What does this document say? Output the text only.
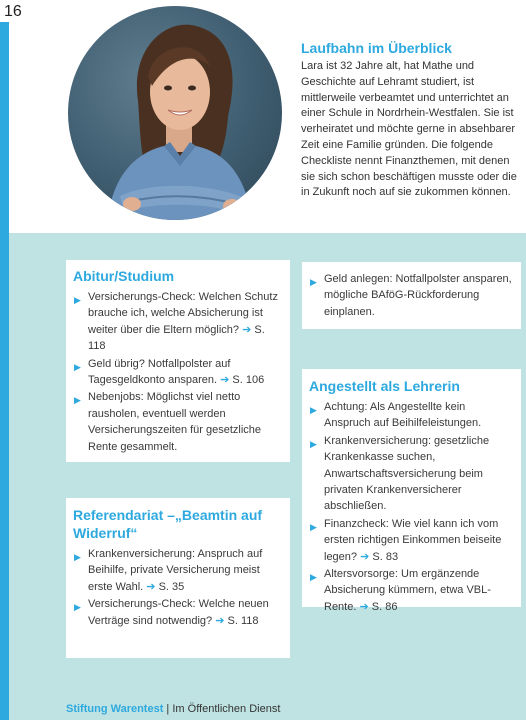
16
Laufbahn im Überblick

Lara ist 32 Jahre alt, hat Mathe und Geschichte auf Lehramt studiert, ist mittlerweile verbeamtet und unterrichtet an einer Schule in Nordrhein-Westfalen. Sie ist verheiratet und möchte gerne in absehbarer Zeit eine Familie gründen. Die folgende Checkliste nennt Finanzthemen, mit denen sie sich schon beschäftigen musste oder die in Zukunft noch auf sie zukommen können.

Abitur/Studium
▶ Versicherungs-Check: Welchen Schutz brauche ich, welche Absicherung ist weiter über die Eltern möglich? ➔ S. 118
▶ Geld übrig? Notfallpolster auf Tagesgeldkonto ansparen. ➔ S. 106
▶ Nebenjobs: Möglichst viel netto rausholen, eventuell werden Versicherungszeiten für gesetzliche Rente gesammelt.
Referendariat –„Beamtin auf Widerruf“
▶ Krankenversicherung: Anspruch auf Beihilfe, private Versicherung meist erste Wahl. ➔ S. 35
▶ Versicherungs-Check: Welche neuen Verträge sind notwendig? ➔ S. 118
▶ Geld anlegen: Notfallpolster ansparen, mögliche BAföG-Rückforderung einplanen.
Angestellt als Lehrerin
▶ Achtung: Als Angestellte kein Anspruch auf Beihilfeleistungen.
▶ Krankenversicherung: gesetzliche Krankenkasse suchen, Anwartschaftsversicherung beim privaten Krankenversicherer abschließen.
▶ Finanzcheck: Wie viel kann ich vom ersten richtigen Einkommen beiseite legen? ➔ S. 83
▶ Altersvorsorge: Um ergänzende Absicherung kümmern, etwa VBL-Rente. ➔ S. 86
Stiftung Warentest | Im Öffentlichen Dienst
